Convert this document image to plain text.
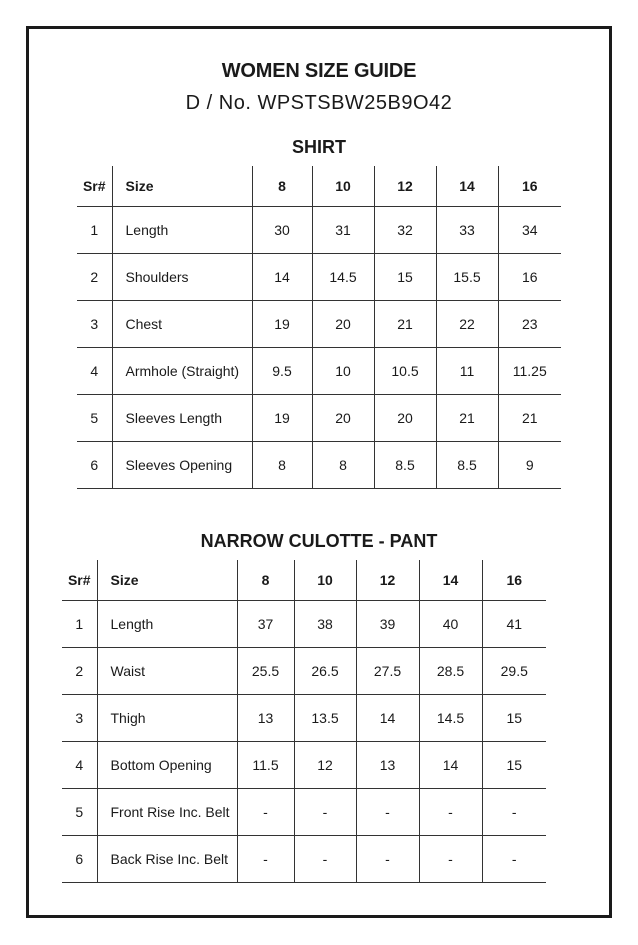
WOMEN SIZE GUIDE
D / No. WPSTSBW25B9O42
SHIRT
Sr#	Size	8	10	12	14	16
1	Length	30	31	32	33	34
2	Shoulders	14	14.5	15	15.5	16
3	Chest	19	20	21	22	23
4	Armhole (Straight)	9.5	10	10.5	11	11.25
5	Sleeves Length	19	20	20	21	21
6	Sleeves Opening	8	8	8.5	8.5	9
NARROW CULOTTE - PANT
Sr#	Size	8	10	12	14	16
1	Length	37	38	39	40	41
2	Waist	25.5	26.5	27.5	28.5	29.5
3	Thigh	13	13.5	14	14.5	15
4	Bottom Opening	11.5	12	13	14	15
5	Front Rise Inc. Belt	-	-	-	-	-
6	Back Rise Inc. Belt	-	-	-	-	-
